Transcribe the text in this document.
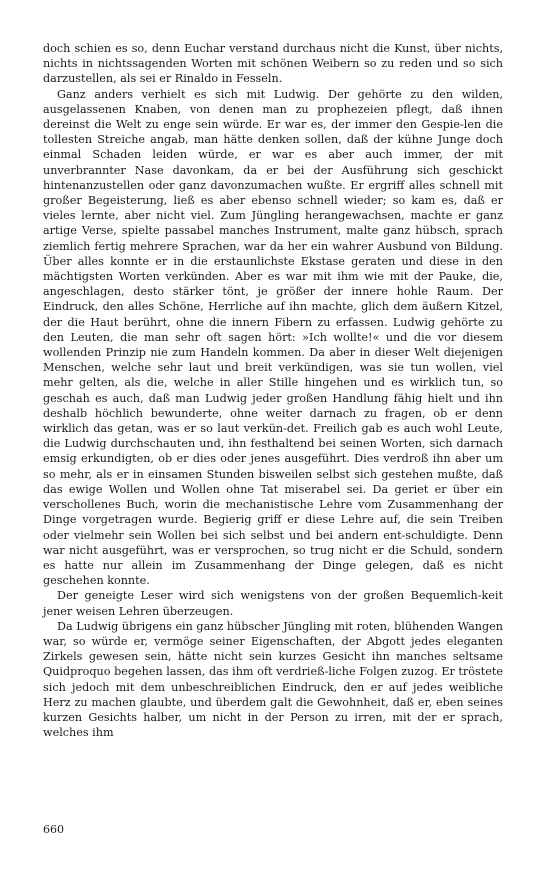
doch schien es so, denn Euchar verstand durchaus nicht die Kunst, über nichts, nichts in nichtssagenden Worten mit schönen Weibern so zu reden und so sich darzustellen, als sei er Rinaldo in Fesseln.

Ganz anders verhielt es sich mit Ludwig. Der gehörte zu den wilden, ausgelassenen Knaben, von denen man zu prophezeien pflegt, daß ihnen dereinst die Welt zu enge sein würde. Er war es, der immer den Gespie-len die tollesten Streiche angab, man hätte denken sollen, daß der kühne Junge doch einmal Schaden leiden würde, er war es aber auch immer, der mit unverbrannter Nase davonkam, da er bei der Ausführung sich geschickt hintenanzustellen oder ganz davonzumachen wußte. Er ergriff alles schnell mit großer Begeisterung, ließ es aber ebenso schnell wieder; so kam es, daß er vieles lernte, aber nicht viel. Zum Jüngling herangewachsen, machte er ganz artige Verse, spielte passabel manches Instrument, malte ganz hübsch, sprach ziemlich fertig mehrere Sprachen, war da her ein wahrer Ausbund von Bildung. Über alles konnte er in die erstaunlichste Ekstase geraten und diese in den mächtigsten Worten verkünden. Aber es war mit ihm wie mit der Pauke, die, angeschlagen, desto stärker tönt, je größer der innere hohle Raum. Der Eindruck, den alles Schöne, Herrliche auf ihn machte, glich dem äußern Kitzel, der die Haut berührt, ohne die innern Fibern zu erfassen. Ludwig gehörte zu den Leuten, die man sehr oft sagen hört: »Ich wollte!« und die vor diesem wollenden Prinzip nie zum Handeln kommen. Da aber in dieser Welt diejenigen Menschen, welche sehr laut und breit verkündigen, was sie tun wollen, viel mehr gelten, als die, welche in aller Stille hingehen und es wirklich tun, so geschah es auch, daß man Ludwig jeder großen Handlung fähig hielt und ihn deshalb höchlich bewunderte, ohne weiter darnach zu fragen, ob er denn wirklich das getan, was er so laut verkün-det. Freilich gab es auch wohl Leute, die Ludwig durchschauten und, ihn festhaltend bei seinen Worten, sich darnach emsig erkundigten, ob er dies oder jenes ausgeführt. Dies verdroß ihn aber um so mehr, als er in einsamen Stunden bisweilen selbst sich gestehen mußte, daß das ewige Wollen und Wollen ohne Tat miserabel sei. Da geriet er über ein verschollenes Buch, worin die mechanistische Lehre vom Zusammenhang der Dinge vorgetragen wurde. Begierig griff er diese Lehre auf, die sein Treiben oder vielmehr sein Wollen bei sich selbst und bei andern ent-schuldigte. Denn war nicht ausgeführt, was er versprochen, so trug nicht er die Schuld, sondern es hatte nur allein im Zusammenhang der Dinge gelegen, daß es nicht geschehen konnte.

Der geneigte Leser wird sich wenigstens von der großen Bequemlich-keit jener weisen Lehren überzeugen.

Da Ludwig übrigens ein ganz hübscher Jüngling mit roten, blühenden Wangen war, so würde er, vermöge seiner Eigenschaften, der Abgott jedes eleganten Zirkels gewesen sein, hätte nicht sein kurzes Gesicht ihn manches seltsame Quidproquo begehen lassen, das ihm oft verdrieß-liche Folgen zuzog. Er tröstete sich jedoch mit dem unbeschreiblichen Eindruck, den er auf jedes weibliche Herz zu machen glaubte, und überdem galt die Gewohnheit, daß er, eben seines kurzen Gesichts halber, um nicht in der Person zu irren, mit der er sprach, welches ihm

660
